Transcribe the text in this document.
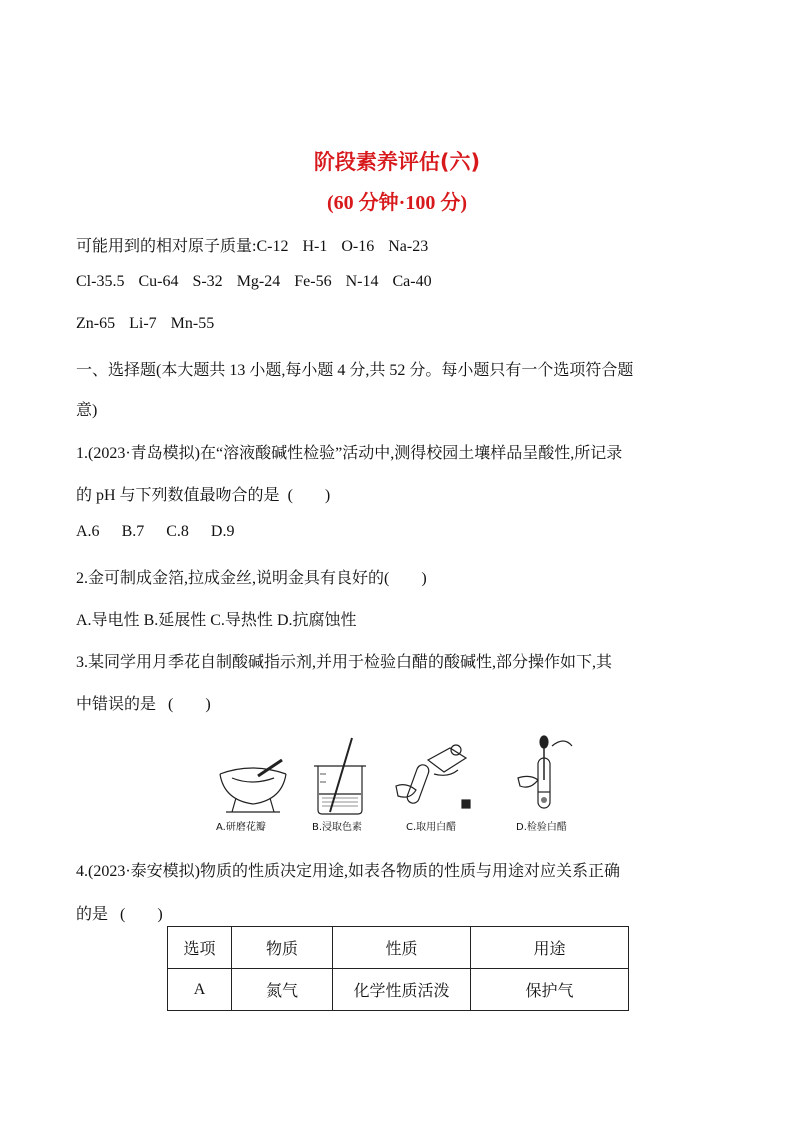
阶段素养评估(六)
(60 分钟·100 分)
可能用到的相对原子质量:C-12 H-1 O-16 Na-23
Cl-35.5 Cu-64 S-32 Mg-24 Fe-56 N-14 Ca-40
Zn-65 Li-7 Mn-55
一、选择题(本大题共 13 小题,每小题 4 分,共 52 分。每小题只有一个选项符合题
意)
1.(2023·青岛模拟)在“溶液酸碱性检验”活动中,测得校园土壤样品呈酸性,所记录
的 pH 与下列数值最吻合的是 (　　)
A.6 B.7 C.8 D.9
2.金可制成金箔,拉成金丝,说明金具有良好的(　　)
A.导电性 B.延展性 C.导热性 D.抗腐蚀性
3.某同学用月季花自制酸碱指示剂,并用于检验白醋的酸碱性,部分操作如下,其
中错误的是 (　　)
A.研磨花瓣	B.浸取色素	C.取用白醋	D.检验白醋
4.(2023·泰安模拟)物质的性质决定用途,如表各物质的性质与用途对应关系正确
的是 (　　)
选项	物质	性质	用途
A	氮气	化学性质活泼	保护气
